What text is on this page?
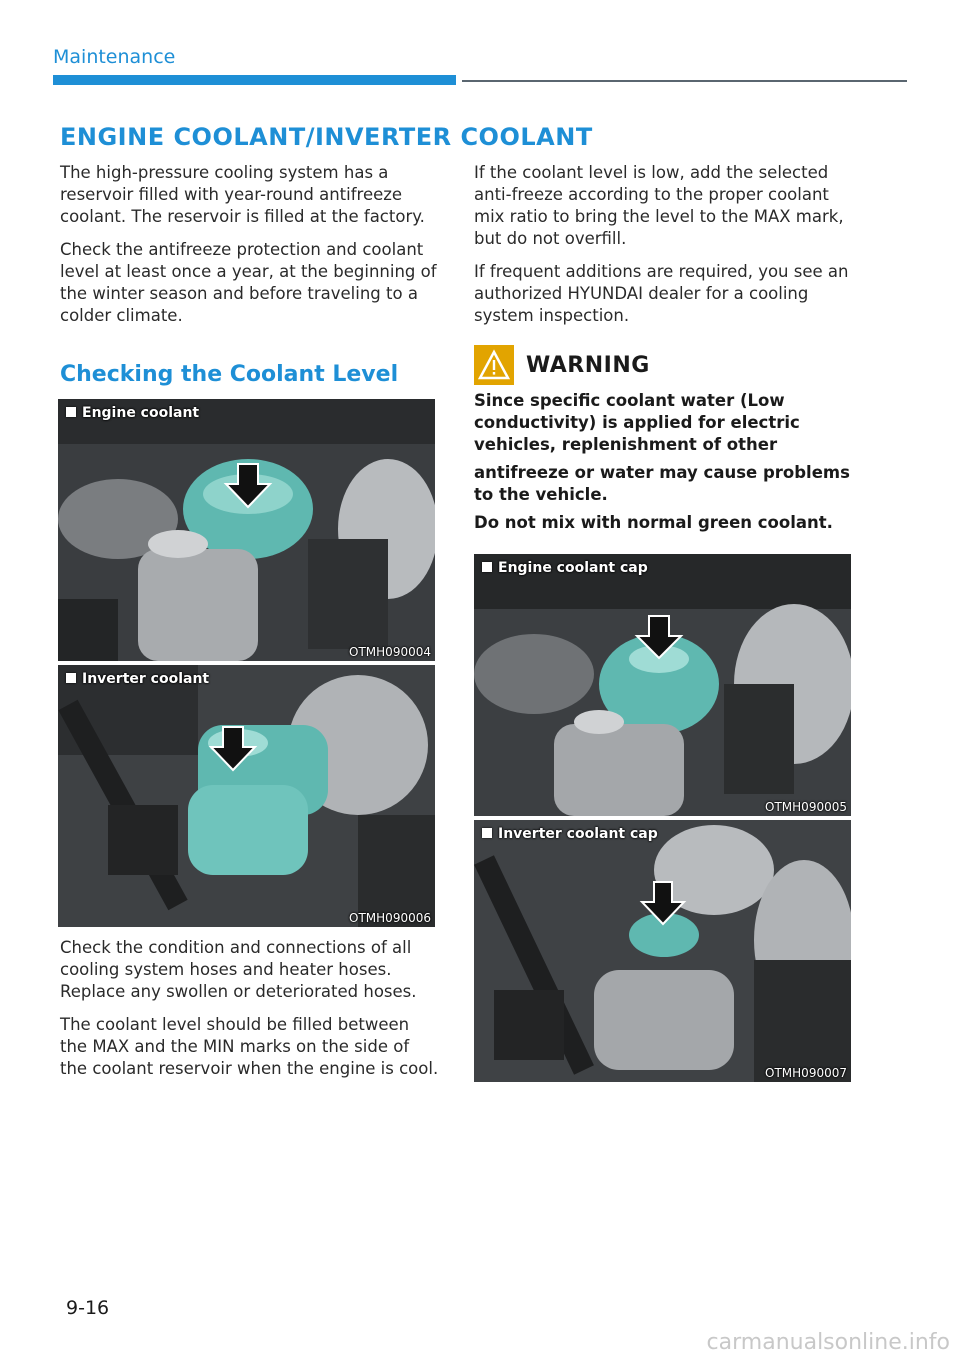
Maintenance
ENGINE COOLANT/INVERTER COOLANT

The high-pressure cooling system has a reservoir filled with year-round antifreeze coolant. The reservoir is filled at the factory.

Check the antifreeze protection and coolant level at least once a year, at the beginning of the winter season and before traveling to a colder climate.

Checking the Coolant Level
Engine coolant
OTMH090004
Inverter coolant
OTMH090006

Check the condition and connections of all cooling system hoses and heater hoses. Replace any swollen or deteriorated hoses.

The coolant level should be filled between the MAX and the MIN marks on the side of the coolant reservoir when the engine is cool.

If the coolant level is low, add the selected anti-freeze according to the proper coolant mix ratio to bring the level to the MAX mark, but do not overfill.

If frequent additions are required, you see an authorized HYUNDAI dealer for a cooling system inspection.

WARNING

Since specific coolant water (Low conductivity) is applied for electric vehicles, replenishment of other

antifreeze or water may cause problems to the vehicle.

Do not mix with normal green coolant.

Engine coolant cap
OTMH090005
Inverter coolant cap
OTMH090007
9-16
carmanualsonline.info
